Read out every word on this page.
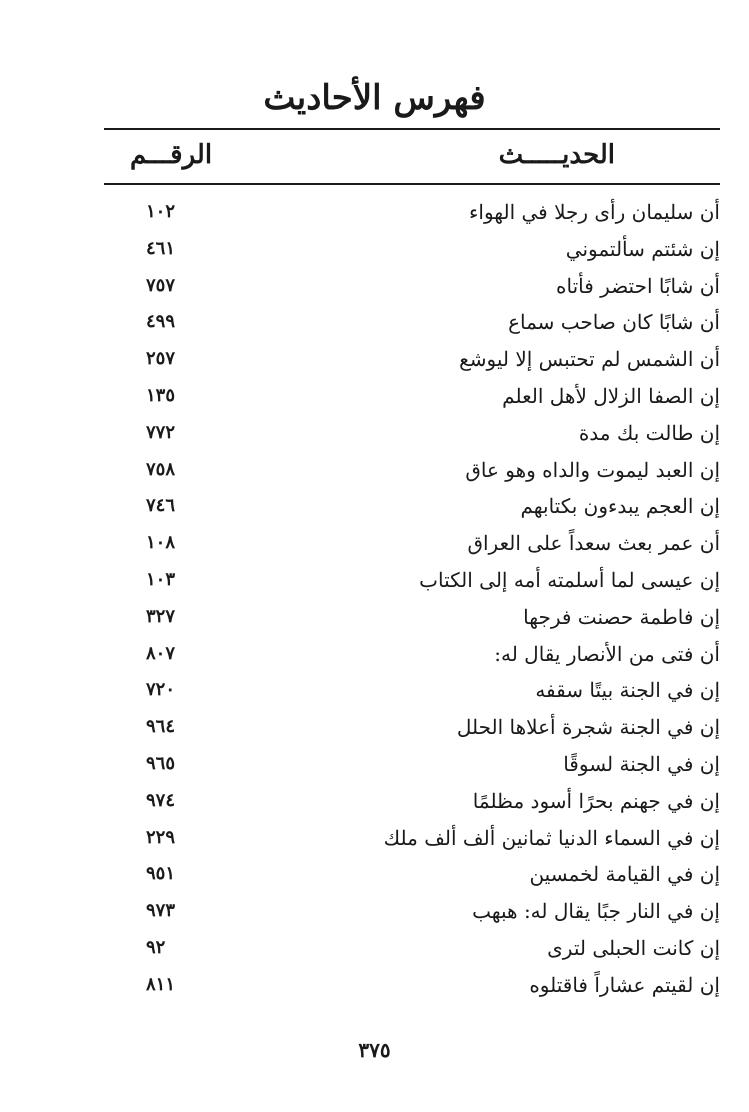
فهرس الأحاديث
الحديـــــث
الرقـــم
أن سليمان رأى رجلا في الهواء
١٠٢
إن شئتم سألتموني
٤٦١
أن شابًا احتضر فأتاه
٧٥٧
أن شابًا كان صاحب سماع
٤٩٩
أن الشمس لم تحتبس إلا ليوشع
٢٥٧
إن الصفا الزلال لأهل العلم
١٣٥
إن طالت بك مدة
٧٧٢
إن العبد ليموت والداه وهو عاق
٧٥٨
إن العجم يبدءون بكتابهم
٧٤٦
أن عمر بعث سعداً على العراق
١٠٨
إن عيسى لما أسلمته أمه إلى الكتاب
١٠٣
إن فاطمة حصنت فرجها
٣٢٧
أن فتى من الأنصار يقال له:
٨٠٧
إن في الجنة بيتًا سقفه
٧٢٠
إن في الجنة شجرة أعلاها الحلل
٩٦٤
إن في الجنة لسوقًا
٩٦٥
إن في جهنم بحرًا أسود مظلمًا
٩٧٤
إن في السماء الدنيا ثمانين ألف ألف ملك
٢٢٩
إن في القيامة لخمسين
٩٥١
إن في النار جبًا يقال له: هبهب
٩٧٣
إن كانت الحبلى لترى
٩٢
إن لقيتم عشاراً فاقتلوه
٨١١
٣٧٥
